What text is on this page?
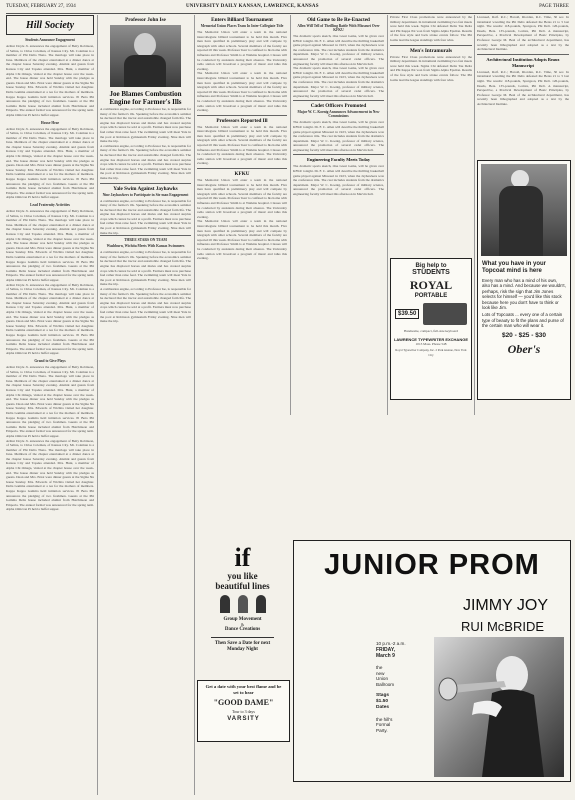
TUESDAY, FEBRUARY 27, 1934	UNIVERSITY DAILY KANSAN, LAWRENCE, KANSAS	PAGE THREE
Hill Society
Students Announce Engagement
Arthur Doyle Jr. announces the engagement of Betty Robinson, of Salina, to Chloe Coleman, of Kansas City. Mr. Coleman is a member of Phi Delta Theta. The marriage will take place in June. Members of the chapter entertained at a dinner dance at the chapter house Saturday evening. Alumni and guests from Kansas City and Topeka attended. Mrs. Hunt, a member of Alpha Chi Omega, visited at the chapter house over the week-end. The house dinner was held Sunday with the pledges as guests. Dean and Mrs. Ernst were dinner guests at the Sigma Nu house Sunday. Mrs. Edwards of Wichita visited her daughter. Delta Gamma entertained at a tea for the mothers of members. Kappa Kappa Gamma held initiation services. Pi Beta Phi announces the pledging of two freshmen. Guests at the Phi Gamma Delta house included alumni from Hutchinson and Emporia. The annual formal was announced for the spring term. Alpha Omicron Pi held a buffet supper.
House Hear
Arthur Doyle Jr. announces the engagement of Betty Robinson, of Salina, to Chloe Coleman, of Kansas City. Mr. Coleman is a member of Phi Delta Theta. The marriage will take place in June. Members of the chapter entertained at a dinner dance at the chapter house Saturday evening. Alumni and guests from Kansas City and Topeka attended. Mrs. Hunt, a member of Alpha Chi Omega, visited at the chapter house over the week-end. The house dinner was held Sunday with the pledges as guests. Dean and Mrs. Ernst were dinner guests at the Sigma Nu house Sunday. Mrs. Edwards of Wichita visited her daughter. Delta Gamma entertained at a tea for the mothers of members. Kappa Kappa Gamma held initiation services. Pi Beta Phi announces the pledging of two freshmen. Guests at the Phi Gamma Delta house included alumni from Hutchinson and Emporia. The annual formal was announced for the spring term. Alpha Omicron Pi held a buffet supper.
Lead Fraternity Activities
Arthur Doyle Jr. announces the engagement of Betty Robinson, of Salina, to Chloe Coleman, of Kansas City. Mr. Coleman is a member of Phi Delta Theta. The marriage will take place in June. Members of the chapter entertained at a dinner dance at the chapter house Saturday evening. Alumni and guests from Kansas City and Topeka attended. Mrs. Hunt, a member of Alpha Chi Omega, visited at the chapter house over the week-end. The house dinner was held Sunday with the pledges as guests. Dean and Mrs. Ernst were dinner guests at the Sigma Nu house Sunday. Mrs. Edwards of Wichita visited her daughter. Delta Gamma entertained at a tea for the mothers of members. Kappa Kappa Gamma held initiation services. Pi Beta Phi announces the pledging of two freshmen. Guests at the Phi Gamma Delta house included alumni from Hutchinson and Emporia. The annual formal was announced for the spring term. Alpha Omicron Pi held a buffet supper.
Arthur Doyle Jr. announces the engagement of Betty Robinson, of Salina, to Chloe Coleman, of Kansas City. Mr. Coleman is a member of Phi Delta Theta. The marriage will take place in June. Members of the chapter entertained at a dinner dance at the chapter house Saturday evening. Alumni and guests from Kansas City and Topeka attended. Mrs. Hunt, a member of Alpha Chi Omega, visited at the chapter house over the week-end. The house dinner was held Sunday with the pledges as guests. Dean and Mrs. Ernst were dinner guests at the Sigma Nu house Sunday. Mrs. Edwards of Wichita visited her daughter. Delta Gamma entertained at a tea for the mothers of members. Kappa Kappa Gamma held initiation services. Pi Beta Phi announces the pledging of two freshmen. Guests at the Phi Gamma Delta house included alumni from Hutchinson and Emporia. The annual formal was announced for the spring term. Alpha Omicron Pi held a buffet supper.
Grand to Give Plays
Arthur Doyle Jr. announces the engagement of Betty Robinson, of Salina, to Chloe Coleman, of Kansas City. Mr. Coleman is a member of Phi Delta Theta. The marriage will take place in June. Members of the chapter entertained at a dinner dance at the chapter house Saturday evening. Alumni and guests from Kansas City and Topeka attended. Mrs. Hunt, a member of Alpha Chi Omega, visited at the chapter house over the week-end. The house dinner was held Sunday with the pledges as guests. Dean and Mrs. Ernst were dinner guests at the Sigma Nu house Sunday. Mrs. Edwards of Wichita visited her daughter. Delta Gamma entertained at a tea for the mothers of members. Kappa Kappa Gamma held initiation services. Pi Beta Phi announces the pledging of two freshmen. Guests at the Phi Gamma Delta house included alumni from Hutchinson and Emporia. The annual formal was announced for the spring term. Alpha Omicron Pi held a buffet supper.
Arthur Doyle Jr. announces the engagement of Betty Robinson, of Salina, to Chloe Coleman, of Kansas City. Mr. Coleman is a member of Phi Delta Theta. The marriage will take place in June. Members of the chapter entertained at a dinner dance at the chapter house Saturday evening. Alumni and guests from Kansas City and Topeka attended. Mrs. Hunt, a member of Alpha Chi Omega, visited at the chapter house over the week-end. The house dinner was held Sunday with the pledges as guests. Dean and Mrs. Ernst were dinner guests at the Sigma Nu house Sunday. Mrs. Edwards of Wichita visited her daughter. Delta Gamma entertained at a tea for the mothers of members. Kappa Kappa Gamma held initiation services. Pi Beta Phi announces the pledging of two freshmen. Guests at the Phi Gamma Delta house included alumni from Hutchinson and Emporia. The annual formal was announced for the spring term. Alpha Omicron Pi held a buffet supper.
Professor John Ise
Joe Blames Combustion Engine for Farmer's Ills
A combustion engine, according to Professor Ise, is responsible for many of the farmer's ills. Speaking before the economics seminar he declared that the tractor and automobile changed farm life. The engine has displaced horses and mules and has created surplus crops which cannot be sold at a profit. Farmers must now purchase fuel rather than raise feed. The swimming team will meet Yale in the pool at Robinson gymnasium Friday evening. Nine men will make the trip.
A combustion engine, according to Professor Ise, is responsible for many of the farmer's ills. Speaking before the economics seminar he declared that the tractor and automobile changed farm life. The engine has displaced horses and mules and has created surplus crops which cannot be sold at a profit. Farmers must now purchase fuel rather than raise feed. The swimming team will meet Yale in the pool at Robinson gymnasium Friday evening. Nine men will make the trip.
Yale Swim Against Jayhawks
Nine Jayhawkers to Participate in Six-man Engagement
A combustion engine, according to Professor Ise, is responsible for many of the farmer's ills. Speaking before the economics seminar he declared that the tractor and automobile changed farm life. The engine has displaced horses and mules and has created surplus crops which cannot be sold at a profit. Farmers must now purchase fuel rather than raise feed. The swimming team will meet Yale in the pool at Robinson gymnasium Friday evening. Nine men will make the trip.
THREE STARS ON TEAM
Washburn, Wichita Meets With Kansas Swimmers
A combustion engine, according to Professor Ise, is responsible for many of the farmer's ills. Speaking before the economics seminar he declared that the tractor and automobile changed farm life. The engine has displaced horses and mules and has created surplus crops which cannot be sold at a profit. Farmers must now purchase fuel rather than raise feed. The swimming team will meet Yale in the pool at Robinson gymnasium Friday evening. Nine men will make the trip.
A combustion engine, according to Professor Ise, is responsible for many of the farmer's ills. Speaking before the economics seminar he declared that the tractor and automobile changed farm life. The engine has displaced horses and mules and has created surplus crops which cannot be sold at a profit. Farmers must now purchase fuel rather than raise feed. The swimming team will meet Yale in the pool at Robinson gymnasium Friday evening. Nine men will make the trip.
Enters Billiard Tournament
Memorial Union Places Team In Inter-Collegiate Title
The Memorial Union will enter a team in the national intercollegiate billiard tournament to be held this month. Five men have qualified in preliminary play and will compete by telegraph with other schools. Several members of the faculty are reported ill this week. Professor Kerr is confined to his home with influenza and Professor Smith is at Watkins hospital. Classes will be conducted by assistants during their absence. The University radio station will broadcast a program of music and talks this evening.
The Memorial Union will enter a team in the national intercollegiate billiard tournament to be held this month. Five men have qualified in preliminary play and will compete by telegraph with other schools. Several members of the faculty are reported ill this week. Professor Kerr is confined to his home with influenza and Professor Smith is at Watkins hospital. Classes will be conducted by assistants during their absence. The University radio station will broadcast a program of music and talks this evening.
Professors Reported Ill
The Memorial Union will enter a team in the national intercollegiate billiard tournament to be held this month. Five men have qualified in preliminary play and will compete by telegraph with other schools. Several members of the faculty are reported ill this week. Professor Kerr is confined to his home with influenza and Professor Smith is at Watkins hospital. Classes will be conducted by assistants during their absence. The University radio station will broadcast a program of music and talks this evening.
KFKU
The Memorial Union will enter a team in the national intercollegiate billiard tournament to be held this month. Five men have qualified in preliminary play and will compete by telegraph with other schools. Several members of the faculty are reported ill this week. Professor Kerr is confined to his home with influenza and Professor Smith is at Watkins hospital. Classes will be conducted by assistants during their absence. The University radio station will broadcast a program of music and talks this evening.
The Memorial Union will enter a team in the national intercollegiate billiard tournament to be held this month. Five men have qualified in preliminary play and will compete by telegraph with other schools. Several members of the faculty are reported ill this week. Professor Kerr is confined to his home with influenza and Professor Smith is at Watkins hospital. Classes will be conducted by assistants during their absence. The University radio station will broadcast a program of music and talks this evening.
Old Game to Be Re-Enacted
Allen Will Tell of Thrilling Battle With Missouri Over KFKU
The dramatic sports sketch, One Great Game, will be given over KFKU tonight. Dr. F. C. Allen will describe the thrilling basketball game played against Missouri in 1923, when the Jayhawkers won the conference title. The cast includes students from the dramatics department. Major W. C. Koenig, professor of military science, announced the promotion of several cadet officers. The engineering faculty will meet this afternoon in Marvin hall.
The dramatic sports sketch, One Great Game, will be given over KFKU tonight. Dr. F. C. Allen will describe the thrilling basketball game played against Missouri in 1923, when the Jayhawkers won the conference title. The cast includes students from the dramatics department. Major W. C. Koenig, professor of military science, announced the promotion of several cadet officers. The engineering faculty will meet this afternoon in Marvin hall.
Cadet Officers Promoted
Major W. C. Koenig Announces Advancement in New Commissions
The dramatic sports sketch, One Great Game, will be given over KFKU tonight. Dr. F. C. Allen will describe the thrilling basketball game played against Missouri in 1923, when the Jayhawkers won the conference title. The cast includes students from the dramatics department. Major W. C. Koenig, professor of military science, announced the promotion of several cadet officers. The engineering faculty will meet this afternoon in Marvin hall.
Engineering Faculty Meets Today
The dramatic sports sketch, One Great Game, will be given over KFKU tonight. Dr. F. C. Allen will describe the thrilling basketball game played against Missouri in 1923, when the Jayhawkers won the conference title. The cast includes students from the dramatics department. Major W. C. Koenig, professor of military science, announced the promotion of several cadet officers. The engineering faculty will meet this afternoon in Marvin hall.
Private First Class promotions were announced by the military department. In intramural swimming two fast meets were held this week. Sigma Chi defeated Delta Tau Delta and Phi Kappa Psi won from Sigma Alpha Epsilon. Results of the free style and back stroke events follow. The Phi Gams lead the league standings with four wins.
Men's Intramurals
Private First Class promotions were announced by the military department. In intramural swimming two fast meets were held this week. Sigma Chi defeated Delta Tau Delta and Phi Kappa Psi won from Sigma Alpha Epsilon. Results of the free style and back stroke events follow. The Phi Gams lead the league standings with four wins.
Licensed, Ralf. R.C.; Harold, Riordan, R.C. Time, 30 sec. In intramural wrestling the Phi Delts defeated the Betas 21 to 5 last night. The results: 118-pounds, Spurgeon, Phi Delt. 126-pounds, Deeds, Beta. 135-pounds, Lomax, Phi Delt. A manuscript, Perspective, a Practical Development of Basic Principles, by Professor George M. Beal of the architectural department, has recently been lithographed and adopted as a text by the Architectural Institute.
Architectural Institution Adopts Beaux Manuscript
Licensed, Ralf. R.C.; Harold, Riordan, R.C. Time, 30 sec. In intramural wrestling the Phi Delts defeated the Betas 21 to 5 last night. The results: 118-pounds, Spurgeon, Phi Delt. 126-pounds, Deeds, Beta. 135-pounds, Lomax, Phi Delt. A manuscript, Perspective, a Practical Development of Basic Principles, by Professor George M. Beal of the architectural department, has recently been lithographed and adopted as a text by the Architectural Institute.
Big help to
STUDENTS
ROYAL
PORTABLE
$39.50
Handsome, compact, full-size keyboard
LAWRENCE TYPEWRITER EXCHANGE
1013 Mass. Phone 548
Royal Typewriter Company, Inc. 2 Park Avenue, New York City
What you have in your Topcoat mind is here
Every man who has a mind of his own, also has a mind. And because we wouldn't, perhaps, risk the sign that Jim Jones selects for himself — you'd like this stock because here you don't have to think or look like Jim.
Lots of Topcoats ... every one of a certain type of beauty to fit the plans and purse of the certain man who will wear it.
$20 - $25 - $30
Ober's
if
you like
beautiful lines
Group Movement
&
Dance Creations
Then Save a Date for next Monday Night
Get a date with your best flame and be set to hear
"GOOD DAME"
Tour to 3 days
VARSITY
JUNIOR PROM
JIMMY JOY
RUI McBRIDE
10 p.m.-2 a.m.
FRIDAY,
March 9
the
new
Union
Ballroom
Stags
$1.50
Dates
the hill's
Formal
Party.
